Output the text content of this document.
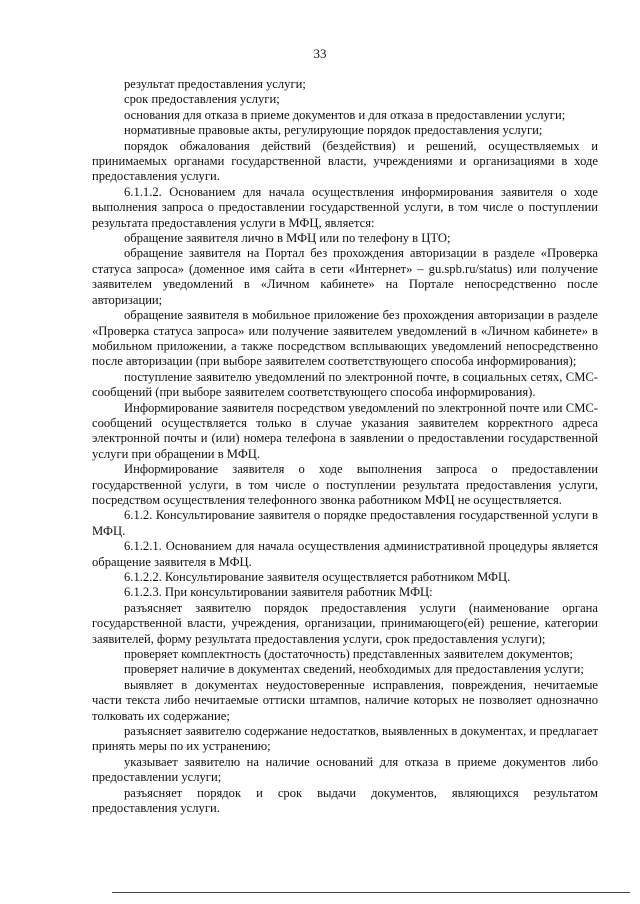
33

результат предоставления услуги;

срок предоставления услуги;

основания для отказа в приеме документов и для отказа в предоставлении услуги;

нормативные правовые акты, регулирующие порядок предоставления услуги;

порядок обжалования действий (бездействия) и решений, осуществляемых и принимаемых органами государственной власти, учреждениями и организациями в ходе предоставления услуги.

6.1.1.2. Основанием для начала осуществления информирования заявителя о ходе выполнения запроса о предоставлении государственной услуги, в том числе о поступлении результата предоставления услуги в МФЦ, является:

обращение заявителя лично в МФЦ или по телефону в ЦТО;

обращение заявителя на Портал без прохождения авторизации в разделе «Проверка статуса запроса» (доменное имя сайта в сети «Интернет» – gu.spb.ru/status) или получение заявителем уведомлений в «Личном кабинете» на Портале непосредственно после авторизации;

обращение заявителя в мобильное приложение без прохождения авторизации в разделе «Проверка статуса запроса» или получение заявителем уведомлений в «Личном кабинете» в мобильном приложении, а также посредством всплывающих уведомлений непосредственно после авторизации (при выборе заявителем соответствующего способа информирования);

поступление заявителю уведомлений по электронной почте, в социальных сетях, СМС-сообщений (при выборе заявителем соответствующего способа информирования).

Информирование заявителя посредством уведомлений по электронной почте или СМС-сообщений осуществляется только в случае указания заявителем корректного адреса электронной почты и (или) номера телефона в заявлении о предоставлении государственной услуги при обращении в МФЦ.

Информирование заявителя о ходе выполнения запроса о предоставлении государственной услуги, в том числе о поступлении результата предоставления услуги, посредством осуществления телефонного звонка работником МФЦ не осуществляется.

6.1.2. Консультирование заявителя о порядке предоставления государственной услуги в МФЦ.

6.1.2.1. Основанием для начала осуществления административной процедуры является обращение заявителя в МФЦ.

6.1.2.2. Консультирование заявителя осуществляется работником МФЦ.

6.1.2.3. При консультировании заявителя работник МФЦ:

разъясняет заявителю порядок предоставления услуги (наименование органа государственной власти, учреждения, организации, принимающего(ей) решение, категории заявителей, форму результата предоставления услуги, срок предоставления услуги);

проверяет комплектность (достаточность) представленных заявителем документов;

проверяет наличие в документах сведений, необходимых для предоставления услуги;

выявляет в документах неудостоверенные исправления, повреждения, нечитаемые части текста либо нечитаемые оттиски штампов, наличие которых не позволяет однозначно толковать их содержание;

разъясняет заявителю содержание недостатков, выявленных в документах, и предлагает принять меры по их устранению;

указывает заявителю на наличие оснований для отказа в приеме документов либо предоставлении услуги;

разъясняет порядок и срок выдачи документов, являющихся результатом предоставления услуги.
